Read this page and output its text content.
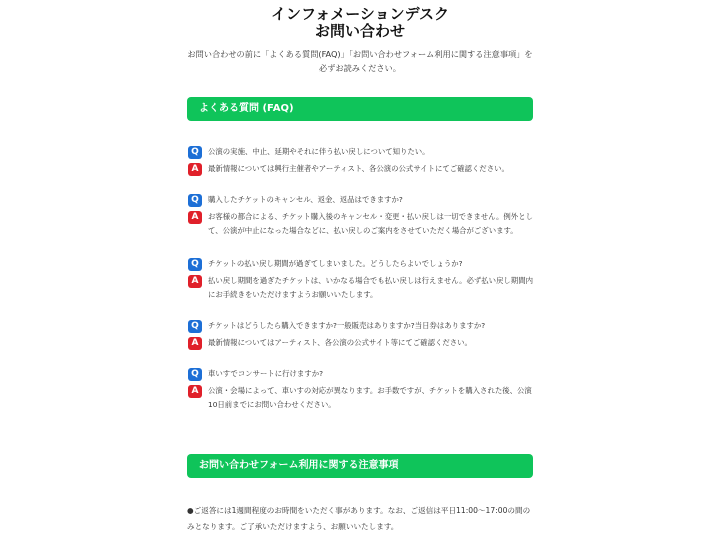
インフォメーションデスク
お問い合わせ
お問い合わせの前に「よくある質問(FAQ)」「お問い合わせフォーム利用に関する注意事項」を必ずお読みください。
よくある質問 (FAQ)
Q	公演の実施、中止、延期やそれに伴う払い戻しについて知りたい。
A	最新情報については興行主催者やアーティスト、各公演の公式サイトにてご確認ください。
Q	購入したチケットのキャンセル、返金、返品はできますか?
A	お客様の都合による、チケット購入後のキャンセル・変更・払い戻しは一切できません。例外として、公演が中止になった場合などに、払い戻しのご案内をさせていただく場合がございます。
Q	チケットの払い戻し期間が過ぎてしまいました。どうしたらよいでしょうか?
A	払い戻し期間を過ぎたチケットは、いかなる場合でも払い戻しは行えません。必ず払い戻し期間内にお手続きをいただけますようお願いいたします。
Q	チケットはどうしたら購入できますか?一般販売はありますか?当日券はありますか?
A	最新情報についてはアーティスト、各公演の公式サイト等にてご確認ください。
Q	車いすでコンサートに行けますか?
A	公演・会場によって、車いすの対応が異なります。お手数ですが、チケットを購入された後、公演10日前までにお問い合わせください。
お問い合わせフォーム利用に関する注意事項
●ご返答には1週間程度のお時間をいただく事があります。なお、ご返信は平日11:00〜17:00の間のみとなります。ご了承いただけますよう、お願いいたします。
